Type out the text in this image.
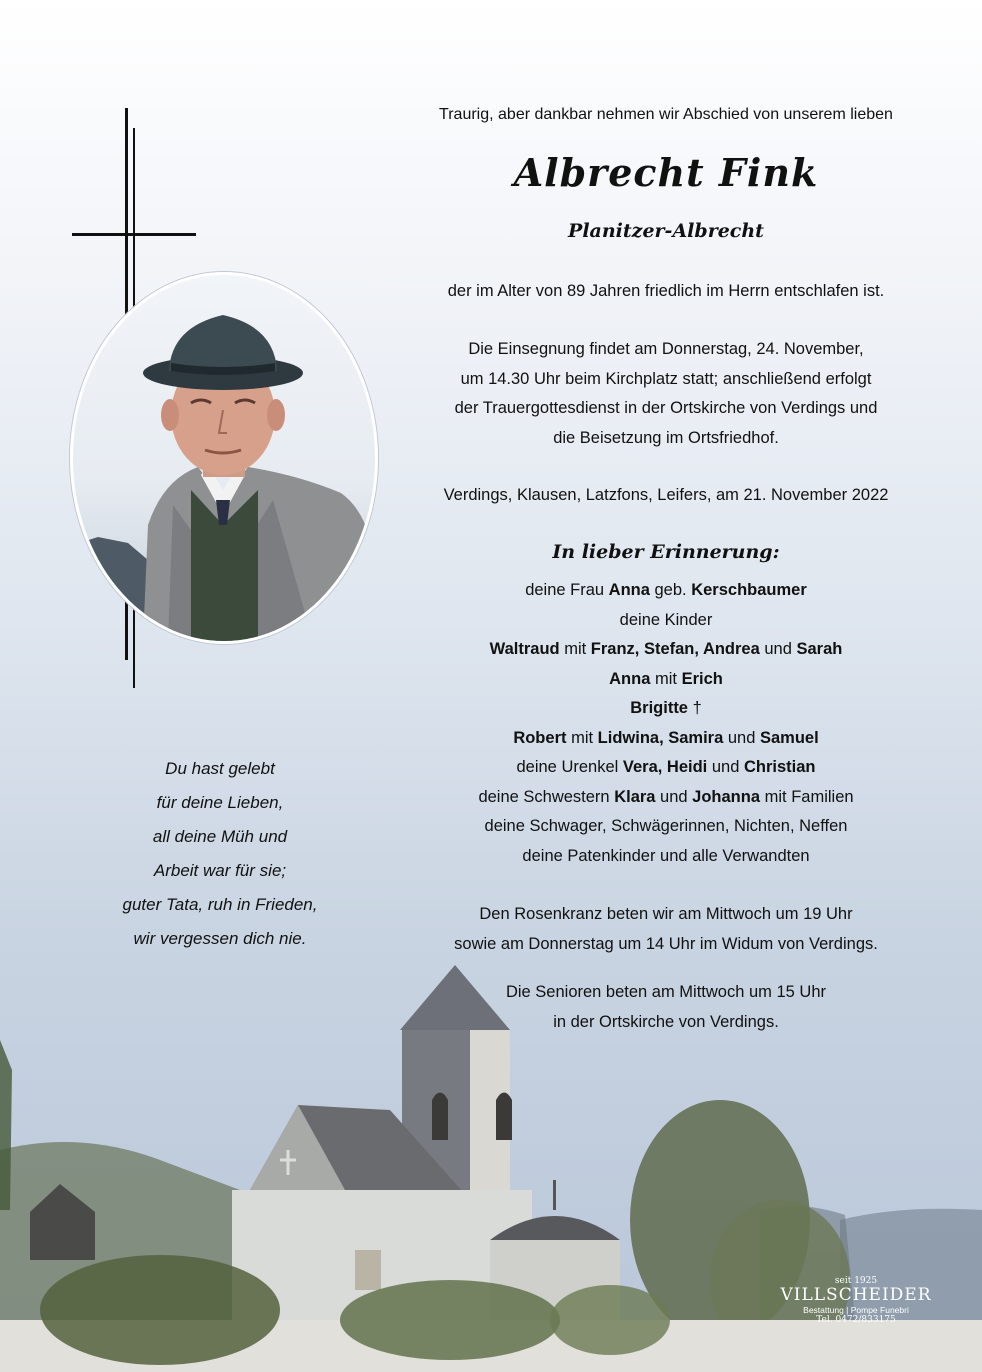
Traurig, aber dankbar nehmen wir Abschied von unserem lieben
Albrecht Fink
Planitzer-Albrecht
der im Alter von 89 Jahren friedlich im Herrn entschlafen ist.
Die Einsegnung findet am Donnerstag, 24. November,
um 14.30 Uhr beim Kirchplatz statt; anschließend erfolgt
der Trauergottesdienst in der Ortskirche von Verdings und
die Beisetzung im Ortsfriedhof.
Verdings, Klausen, Latzfons, Leifers, am 21. November 2022
In lieber Erinnerung:
deine Frau Anna geb. Kerschbaumer
deine Kinder
Waltraud mit Franz, Stefan, Andrea und Sarah
Anna mit Erich
Brigitte †
Robert mit Lidwina, Samira und Samuel
deine Urenkel Vera, Heidi und Christian
deine Schwestern Klara und Johanna mit Familien
deine Schwager, Schwägerinnen, Nichten, Neffen
deine Patenkinder und alle Verwandten
Den Rosenkranz beten wir am Mittwoch um 19 Uhr
sowie am Donnerstag um 14 Uhr im Widum von Verdings.
Die Senioren beten am Mittwoch um 15 Uhr
in der Ortskirche von Verdings.
Du hast gelebt
für deine Lieben,
all deine Müh und
Arbeit war für sie;
guter Tata, ruh in Frieden,
wir vergessen dich nie.
seit 1925
VILLSCHEIDER
Bestattung | Pompe Funebri
Tel. 0472/833175
